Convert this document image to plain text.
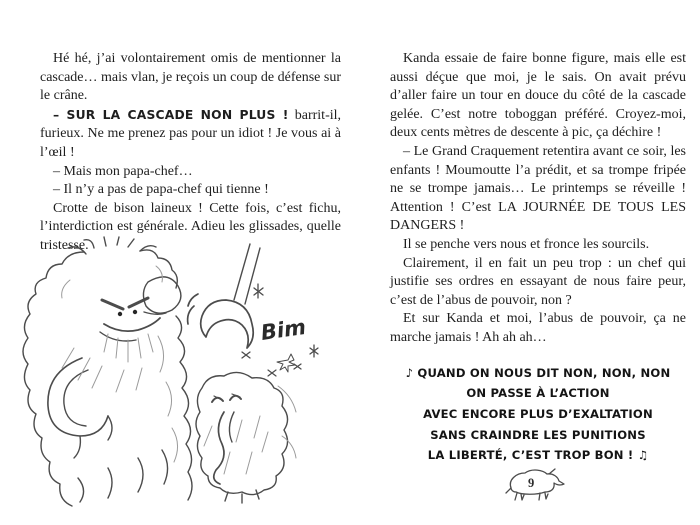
Hé hé, j’ai volontairement omis de mentionner la cascade… mais vlan, je reçois un coup de défense sur le crâne.

– SUR LA CASCADE NON PLUS ! barrit-il, furieux. Ne me prenez pas pour un idiot ! Je vous ai à l’œil !

– Mais mon papa-chef…

– Il n’y a pas de papa-chef qui tienne !

Crotte de bison laineux ! Cette fois, c’est fichu, l’interdiction est générale. Adieu les glissades, quelle tristesse.

Bim

Kanda essaie de faire bonne figure, mais elle est aussi déçue que moi, je le sais. On avait prévu d’aller faire un tour en douce du côté de la cascade gelée. C’est notre toboggan préféré. Croyez-moi, deux cents mètres de descente à pic, ça déchire !

– Le Grand Craquement retentira avant ce soir, les enfants ! Moumoutte l’a prédit, et sa trompe fripée ne se trompe jamais… Le printemps se réveille ! Attention ! C’est LA JOURNÉE DE TOUS LES DANGERS !

Il se penche vers nous et fronce les sourcils.

Clairement, il en fait un peu trop : un chef qui justifie ses ordres en essayant de nous faire peur, c’est de l’abus de pouvoir, non ?

Et sur Kanda et moi, l’abus de pouvoir, ça ne marche jamais ! Ah ah ah…

♪ QUAND ON NOUS DIT NON, NON, NON
ON PASSE À L’ACTION
AVEC ENCORE PLUS D’EXALTATION
SANS CRAINDRE LES PUNITIONS
LA LIBERTÉ, C’EST TROP BON ! ♫
9
